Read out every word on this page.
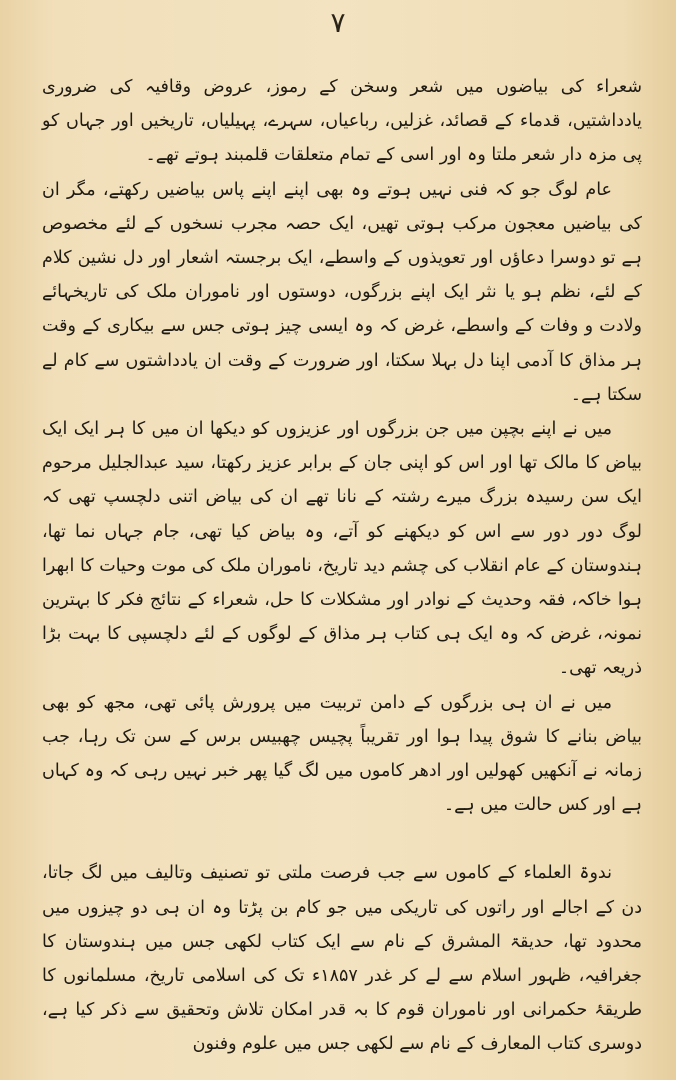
۷

شعراء کی بیاضوں میں شعر وسخن کے رموز، عروض وقافیہ کی ضروری یادداشتیں، قدماء کے قصائد، غزلیں، رباعیاں، سہرے، پہیلیاں، تاریخیں اور جہاں کو پی مزہ دار شعر ملتا وہ اور اسی کے تمام متعلقات قلمبند ہوتے تھے۔

عام لوگ جو کہ فنی نہیں ہوتے وہ بھی اپنے اپنے پاس بیاضیں رکھتے، مگر ان کی بیاضیں معجون مرکب ہوتی تھیں، ایک حصہ مجرب نسخوں کے لئے مخصوص ہے تو دوسرا دعاؤں اور تعویذوں کے واسطے، ایک برجستہ اشعار اور دل نشین کلام کے لئے، نظم ہو یا نثر ایک اپنے بزرگوں، دوستوں اور ناموران ملک کی تاریخہائے ولادت و وفات کے واسطے، غرض کہ وہ ایسی چیز ہوتی جس سے بیکاری کے وقت ہر مذاق کا آدمی اپنا دل بہلا سکتا، اور ضرورت کے وقت ان یادداشتوں سے کام لے سکتا ہے۔

میں نے اپنے بچپن میں جن بزرگوں اور عزیزوں کو دیکھا ان میں کا ہر ایک ایک بیاض کا مالک تھا اور اس کو اپنی جان کے برابر عزیز رکھتا، سید عبدالجلیل مرحوم ایک سن رسیدہ بزرگ میرے رشتہ کے نانا تھے ان کی بیاض اتنی دلچسپ تھی کہ لوگ دور دور سے اس کو دیکھنے کو آتے، وہ بیاض کیا تھی، جام جہاں نما تھا، ہندوستان کے عام انقلاب کی چشم دید تاریخ، ناموران ملک کی موت وحیات کا ابھرا ہوا خاکہ، فقہ وحدیث کے نوادر اور مشکلات کا حل، شعراء کے نتائج فکر کا بہترین نمونہ، غرض کہ وہ ایک ہی کتاب ہر مذاق کے لوگوں کے لئے دلچسپی کا بہت بڑا ذریعہ تھی۔

میں نے ان ہی بزرگوں کے دامن تربیت میں پرورش پائی تھی، مجھ کو بھی بیاض بنانے کا شوق پیدا ہوا اور تقریباً پچیس چھبیس برس کے سن تک رہا، جب زمانہ نے آنکھیں کھولیں اور ادھر کاموں میں لگ گیا پھر خبر نہیں رہی کہ وہ کہاں ہے اور کس حالت میں ہے۔

ندوۃ العلماء کے کاموں سے جب فرصت ملتی تو تصنیف وتالیف میں لگ جاتا، دن کے اجالے اور راتوں کی تاریکی میں جو کام بن پڑتا وہ ان ہی دو چیزوں میں محدود تھا، حدیقۃ المشرق کے نام سے ایک کتاب لکھی جس میں ہندوستان کا جغرافیہ، ظہور اسلام سے لے کر غدر ۱۸۵۷ء تک کی اسلامی تاریخ، مسلمانوں کا طریقۂ حکمرانی اور ناموران قوم کا بہ قدر امکان تلاش وتحقیق سے ذکر کیا ہے، دوسری کتاب المعارف کے نام سے لکھی جس میں علوم وفنون
